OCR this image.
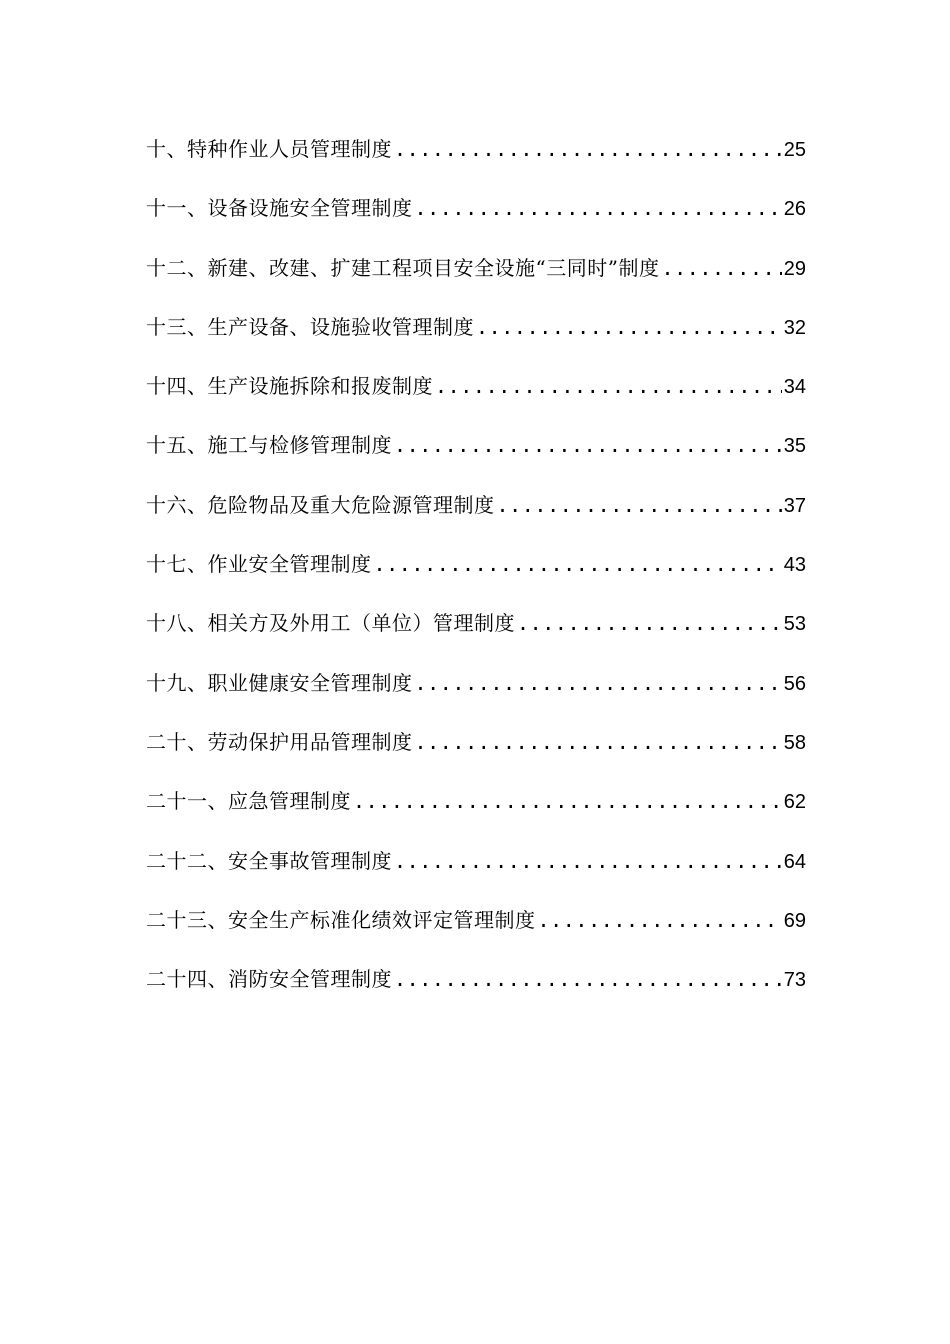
十、特种作业人员管理制度 .....	25
十一、设备设施安全管理制度 .....	26
十二、新建、改建、扩建工程项目安全设施“三同时”制度 .....	29
十三、生产设备、设施验收管理制度 .....	32
十四、生产设施拆除和报废制度 .....	34
十五、施工与检修管理制度 .....	35
十六、危险物品及重大危险源管理制度 .....	37
十七、作业安全管理制度 .....	43
十八、相关方及外用工（单位）管理制度 .....	53
十九、职业健康安全管理制度 .....	56
二十、劳动保护用品管理制度 .....	58
二十一、应急管理制度 .....	62
二十二、安全事故管理制度 .....	64
二十三、安全生产标准化绩效评定管理制度 .....	69
二十四、消防安全管理制度 .....	73
